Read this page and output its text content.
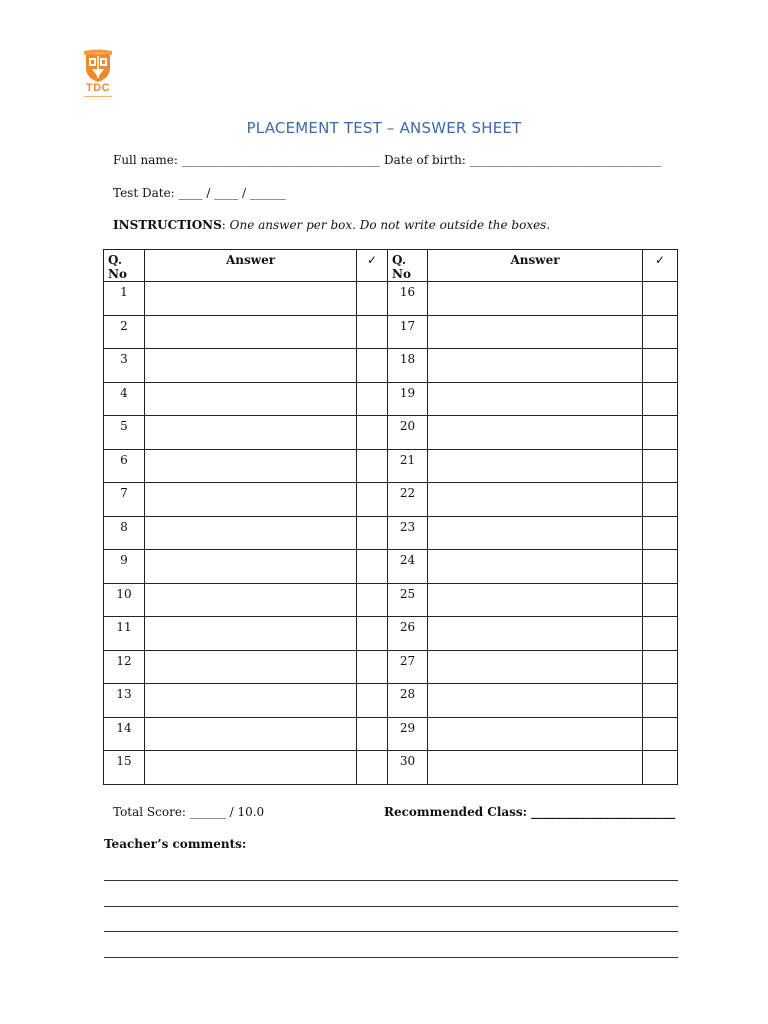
TDC
PLACEMENT TEST – ANSWER SHEET
Full name: _________________________________ Date of birth: ________________________________
Test Date: ____ / ____ / ______
INSTRUCTIONS: One answer per box. Do not write outside the boxes.
Q. No	Answer	✓	Q. No	Answer	✓
1			16		
2			17		
3			18		
4			19		
5			20		
6			21		
7			22		
8			23		
9			24		
10			25		
11			26		
12			27		
13			28		
14			29		
15			30		
Total Score: ______ / 10.0	Recommended Class: ________________________
Teacher’s comments:
